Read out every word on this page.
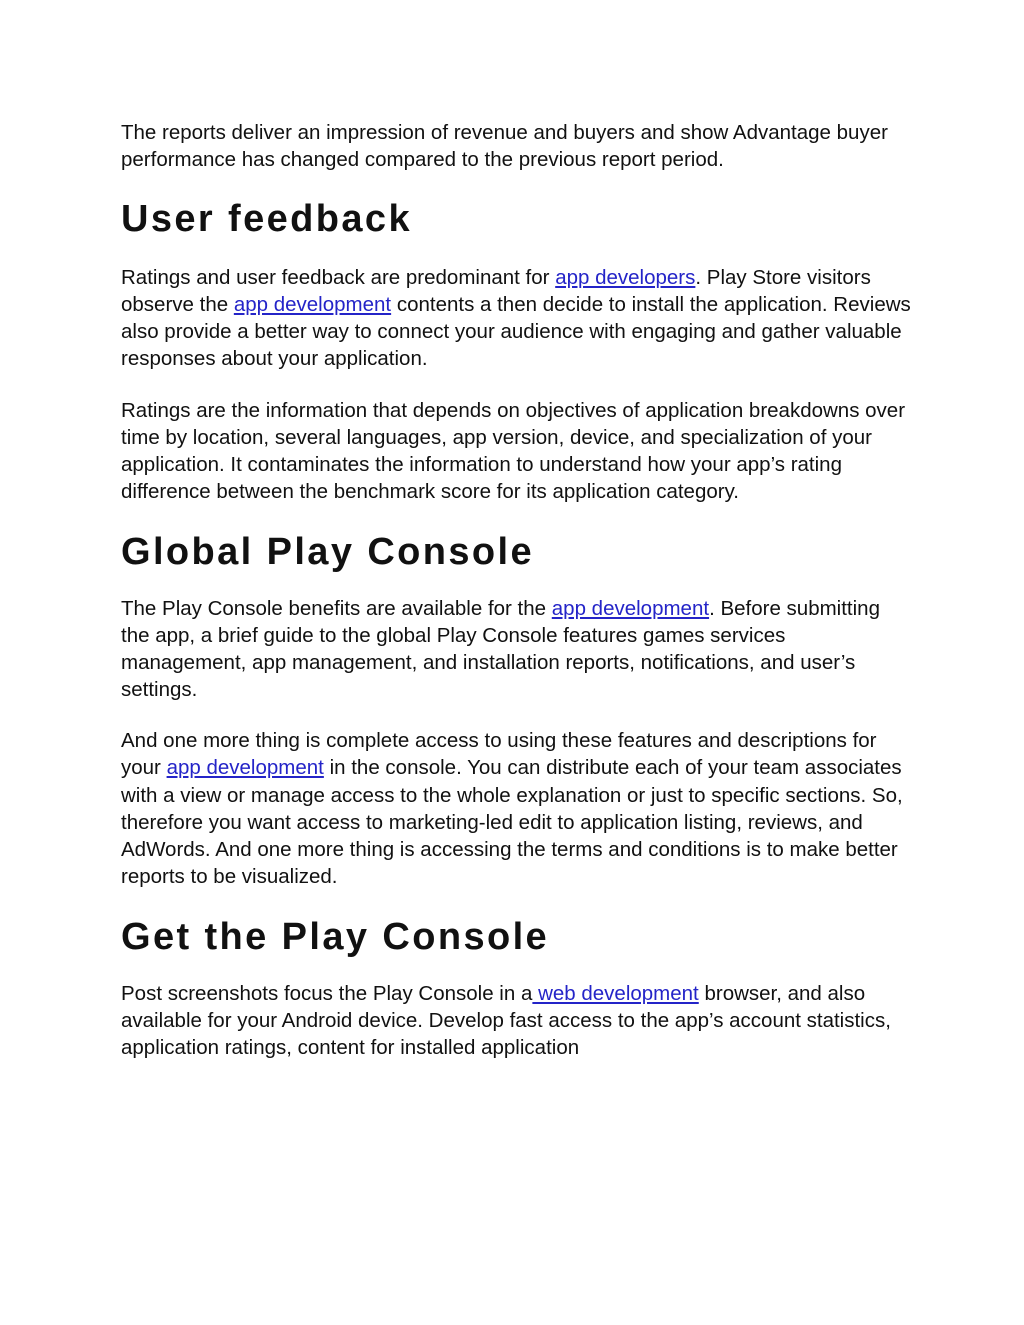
The reports deliver an impression of revenue and buyers and show Advantage buyer performance has changed compared to the previous report period.

User feedback

Ratings and user feedback are predominant for app developers. Play Store visitors observe the app development contents a then decide to install the application. Reviews also provide a better way to connect your audience with engaging and gather valuable responses about your application.

Ratings are the information that depends on objectives of application breakdowns over time by location, several languages, app version, device, and specialization of your application. It contaminates the information to understand how your app’s rating difference between the benchmark score for its application category.

Global Play Console

The Play Console benefits are available for the app development. Before submitting the app, a brief guide to the global Play Console features games services management, app management, and installation reports, notifications, and user’s settings.

And one more thing is complete access to using these features and descriptions for your app development in the console. You can distribute each of your team associates with a view or manage access to the whole explanation or just to specific sections. So, therefore you want access to marketing-led edit to application listing, reviews, and AdWords. And one more thing is accessing the terms and conditions is to make better reports to be visualized.

Get the Play Console

Post screenshots focus the Play Console in a web development browser, and also available for your Android device. Develop fast access to the app’s account statistics, application ratings, content for installed application
